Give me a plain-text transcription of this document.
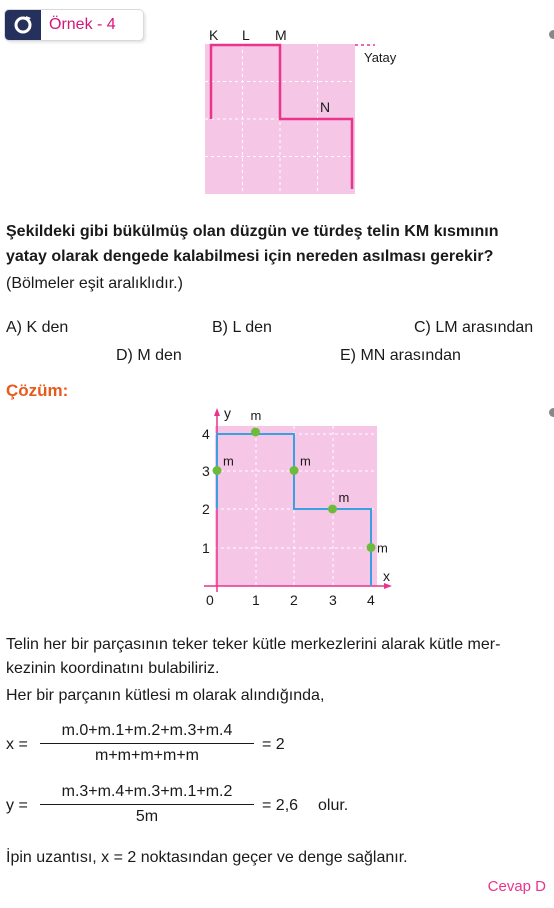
Örnek - 4
K L M
N
Yatay
Şekildeki gibi bükülmüş olan düzgün ve türdeş telin KM kısmının
yatay olarak dengede kalabilmesi için nereden asılması gerekir?
(Bölmeler eşit aralıklıdır.)
A) K den	B) L den	C) LM arasından
D) M den	E) MN arasından
Çözüm:
y
x
0	1 2 3 4
1
2
3
4
m
m
m
m
m
Telin her bir parçasının teker teker kütle merkezlerini alarak kütle mer-
kezinin koordinatını bulabiliriz.
Her bir parçanın kütlesi m olarak alındığında,
x =
m.0+m.1+m.2+m.3+m.4
m+m+m+m+m
= 2
y =
m.3+m.4+m.3+m.1+m.2
5m
= 2,6 olur.
İpin uzantısı, x = 2 noktasından geçer ve denge sağlanır.
Cevap D
